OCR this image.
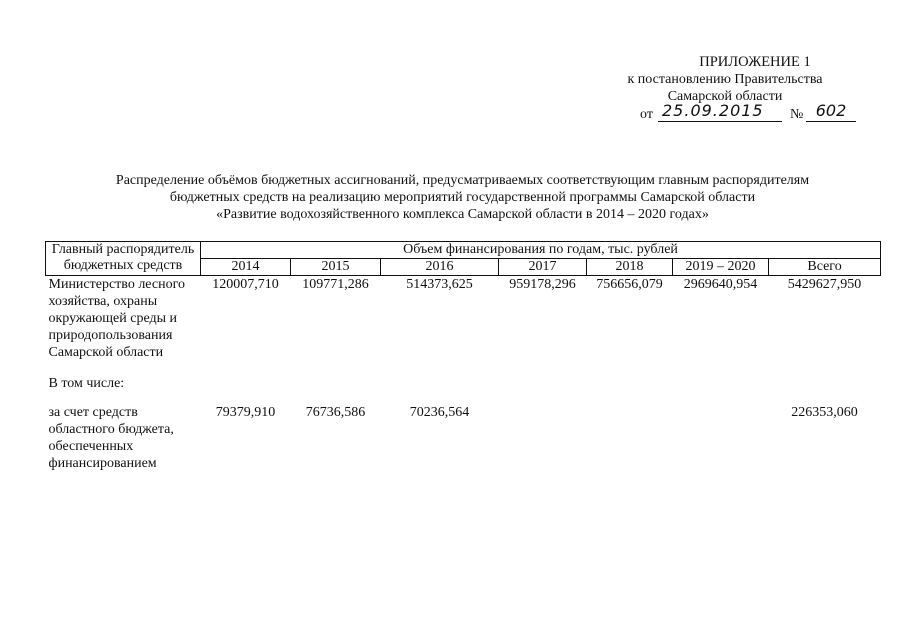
ПРИЛОЖЕНИЕ 1
к постановлению Правительства
Самарской области
от 25.09.2015	№ 602
Распределение объёмов бюджетных ассигнований, предусматриваемых соответствующим главным распорядителям
бюджетных средств на реализацию мероприятий государственной программы Самарской области
«Развитие водохозяйственного комплекса Самарской области в 2014 – 2020 годах»
Главный распорядитель бюджетных средств	Объем финансирования по годам, тыс. рублей						
	2014	2015	2016	2017	2018	2019 – 2020	Всего
Министерство лесного хозяйства, охраны окружающей среды и природопользования Самарской области	120007,710	109771,286	514373,625	959178,296	756656,079	2969640,954	5429627,950

В том числе:							

за счет средств областного бюджета, обеспеченных финансированием	79379,910	76736,586	70236,564				226353,060
